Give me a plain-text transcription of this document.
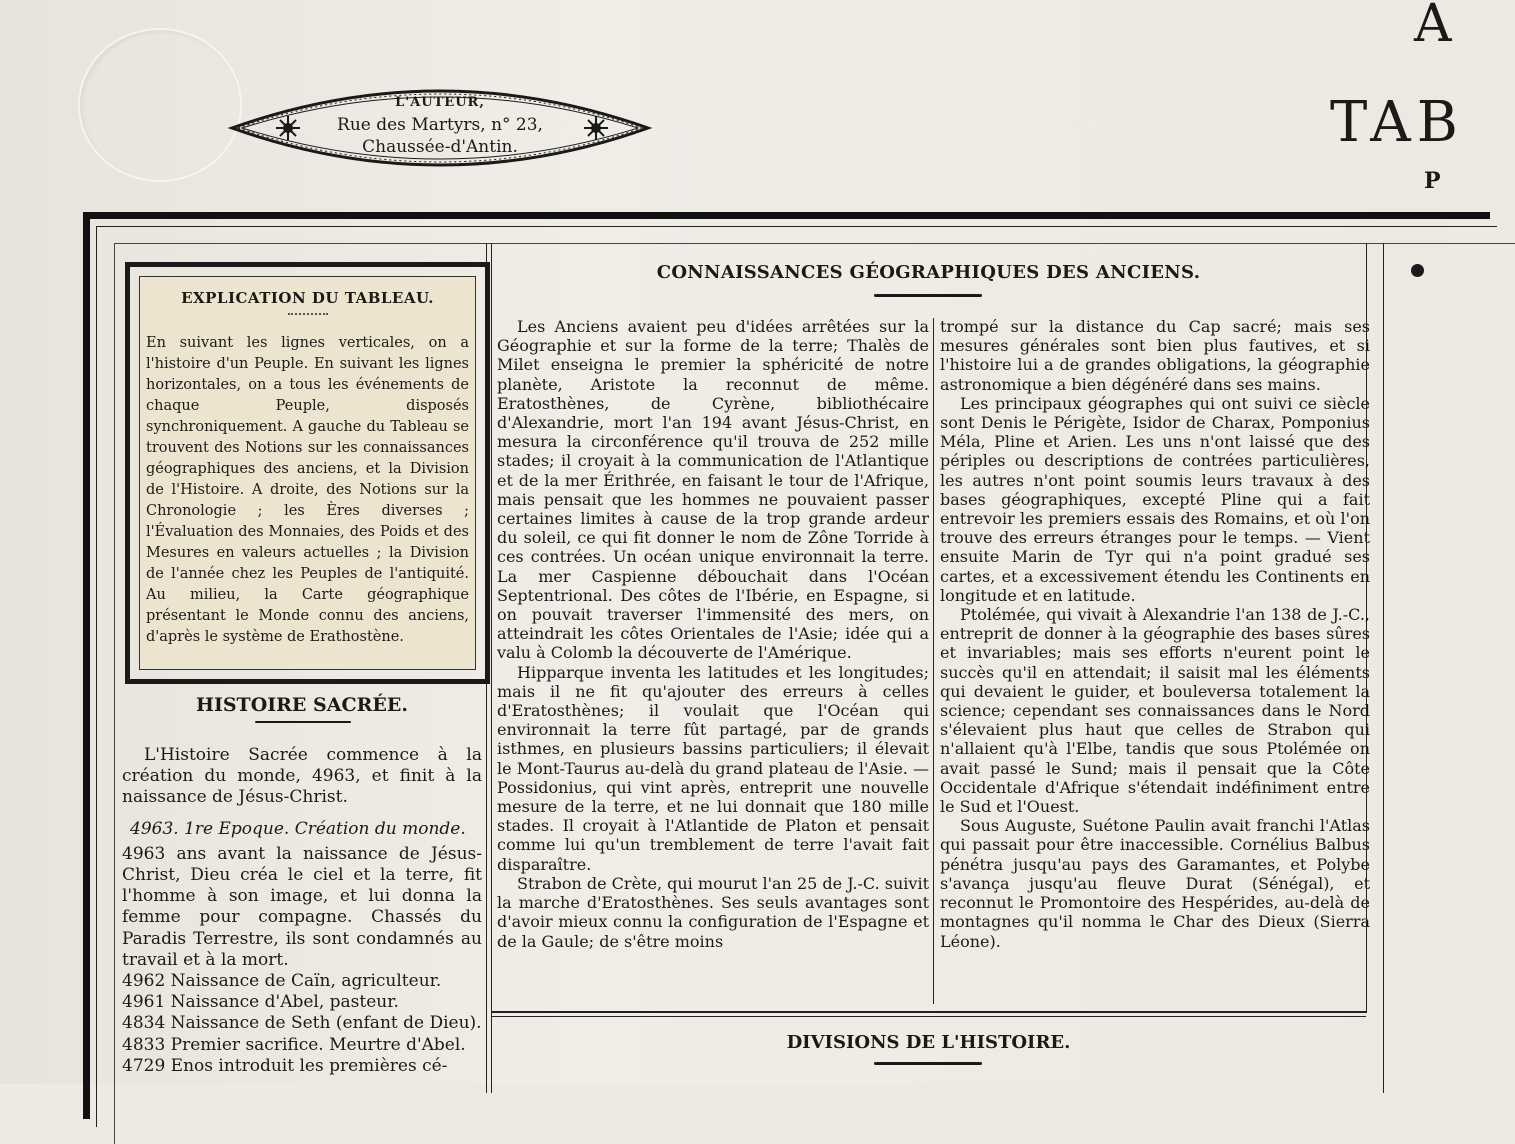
L'AUTEUR,
Rue des Martyrs, n° 23,
Chaussée-d'Antin.
A
TAB
P
EXPLICATION DU TABLEAU.

En suivant les lignes verticales, on a l'histoire d'un Peuple. En suivant les lignes horizontales, on a tous les événements de chaque Peuple, disposés synchroniquement. A gauche du Tableau se trouvent des Notions sur les connaissances géographiques des anciens, et la Division de l'Histoire. A droite, des Notions sur la Chronologie ; les Ères diverses ; l'Évaluation des Monnaies, des Poids et des Mesures en valeurs actuelles ; la Division de l'année chez les Peuples de l'antiquité. Au milieu, la Carte géographique présentant le Monde connu des anciens, d'après le système de Erathostène.

HISTOIRE SACRÉE.

L'Histoire Sacrée commence à la création du monde, 4963, et finit à la naissance de Jésus-Christ.

4963. 1re Epoque. Création du monde.

4963 ans avant la naissance de Jésus-Christ, Dieu créa le ciel et la terre, fit l'homme à son image, et lui donna la femme pour compagne. Chassés du Paradis Terrestre, ils sont condamnés au travail et à la mort.

4962 Naissance de Caïn, agriculteur.
4961 Naissance d'Abel, pasteur.
4834 Naissance de Seth (enfant de Dieu).
4833 Premier sacrifice. Meurtre d'Abel.
4729 Enos introduit les premières cé-
CONNAISSANCES GÉOGRAPHIQUES DES ANCIENS.

Les Anciens avaient peu d'idées arrêtées sur la Géographie et sur la forme de la terre; Thalès de Milet enseigna le premier la sphéricité de notre planète, Aristote la reconnut de même. Eratosthènes, de Cyrène, bibliothécaire d'Alexandrie, mort l'an 194 avant Jésus-Christ, en mesura la circonférence qu'il trouva de 252 mille stades; il croyait à la communication de l'Atlantique et de la mer Érithrée, en faisant le tour de l'Afrique, mais pensait que les hommes ne pouvaient passer certaines limites à cause de la trop grande ardeur du soleil, ce qui fit donner le nom de Zône Torride à ces contrées. Un océan unique environnait la terre. La mer Caspienne débouchait dans l'Océan Septentrional. Des côtes de l'Ibérie, en Espagne, si on pouvait traverser l'immensité des mers, on atteindrait les côtes Orientales de l'Asie; idée qui a valu à Colomb la découverte de l'Amérique.

Hipparque inventa les latitudes et les longitudes; mais il ne fit qu'ajouter des erreurs à celles d'Eratosthènes; il voulait que l'Océan qui environnait la terre fût partagé, par de grands isthmes, en plusieurs bassins particuliers; il élevait le Mont-Taurus au-delà du grand plateau de l'Asie. — Possidonius, qui vint après, entreprit une nouvelle mesure de la terre, et ne lui donnait que 180 mille stades. Il croyait à l'Atlantide de Platon et pensait comme lui qu'un tremblement de terre l'avait fait disparaître.

Strabon de Crète, qui mourut l'an 25 de J.-C. suivit la marche d'Eratosthènes. Ses seuls avantages sont d'avoir mieux connu la configuration de l'Espagne et de la Gaule; de s'être moins

trompé sur la distance du Cap sacré; mais ses mesures générales sont bien plus fautives, et si l'histoire lui a de grandes obligations, la géographie astronomique a bien dégénéré dans ses mains.

Les principaux géographes qui ont suivi ce siècle sont Denis le Périgète, Isidor de Charax, Pomponius Méla, Pline et Arien. Les uns n'ont laissé que des périples ou descriptions de contrées particulières, les autres n'ont point soumis leurs travaux à des bases géographiques, excepté Pline qui a fait entrevoir les premiers essais des Romains, et où l'on trouve des erreurs étranges pour le temps. — Vient ensuite Marin de Tyr qui n'a point gradué ses cartes, et a excessivement étendu les Continents en longitude et en latitude.

Ptolémée, qui vivait à Alexandrie l'an 138 de J.-C., entreprit de donner à la géographie des bases sûres et invariables; mais ses efforts n'eurent point le succès qu'il en attendait; il saisit mal les éléments qui devaient le guider, et bouleversa totalement la science; cependant ses connaissances dans le Nord s'élevaient plus haut que celles de Strabon qui n'allaient qu'à l'Elbe, tandis que sous Ptolémée on avait passé le Sund; mais il pensait que la Côte Occidentale d'Afrique s'étendait indéfiniment entre le Sud et l'Ouest.

Sous Auguste, Suétone Paulin avait franchi l'Atlas qui passait pour être inaccessible. Cornélius Balbus pénétra jusqu'au pays des Garamantes, et Polybe s'avança jusqu'au fleuve Durat (Sénégal), et reconnut le Promontoire des Hespérides, au-delà de montagnes qu'il nomma le Char des Dieux (Sierra Léone).

DIVISIONS DE L'HISTOIRE.
